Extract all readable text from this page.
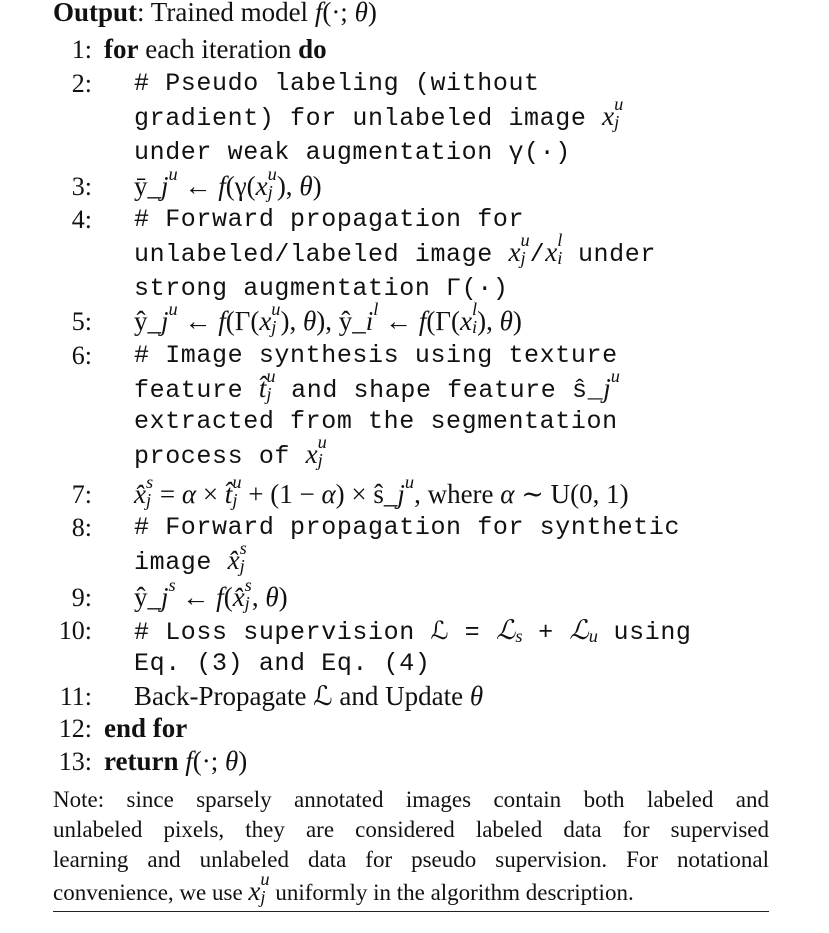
Output: Trained model f(·; θ)
1: for each iteration do
2: # Pseudo labeling (without
gradient) for unlabeled image x u
j
under weak augmentation γ(·)
3: ȳ_j u
← f(γ(x u
j ), θ)
4: # Forward propagation for
unlabeled/labeled image x u
j /x l
i under
strong augmentation Γ(·)
5: ŷ_j u
← f(Γ(x u
j ), θ), ŷ_i l
← f(Γ(x l
i ), θ)
6: # Image synthesis using texture
feature t̂ u
j and shape feature ŝ_j u

extracted from the segmentation
process of x u
j
7: x̂ s
j = α × t̂ u
j + (1 − α) × ŝ_j u
, where α ∼ U(0, 1)
8: # Forward propagation for synthetic
image x̂ s
j
9: ŷ_j s
← f(x̂ s
j , θ)
10: # Loss supervision ℒ = ℒ
s + ℒ
u using
Eq. (3) and Eq. (4)
11: Back-Propagate ℒ and Update θ
12: end for
13: return f(·; θ)
Note: since sparsely annotated images contain both labeled and
unlabeled pixels, they are considered labeled data for supervised
learning and unlabeled data for pseudo supervision. For notational
convenience, we use x u
j uniformly in the algorithm description.
